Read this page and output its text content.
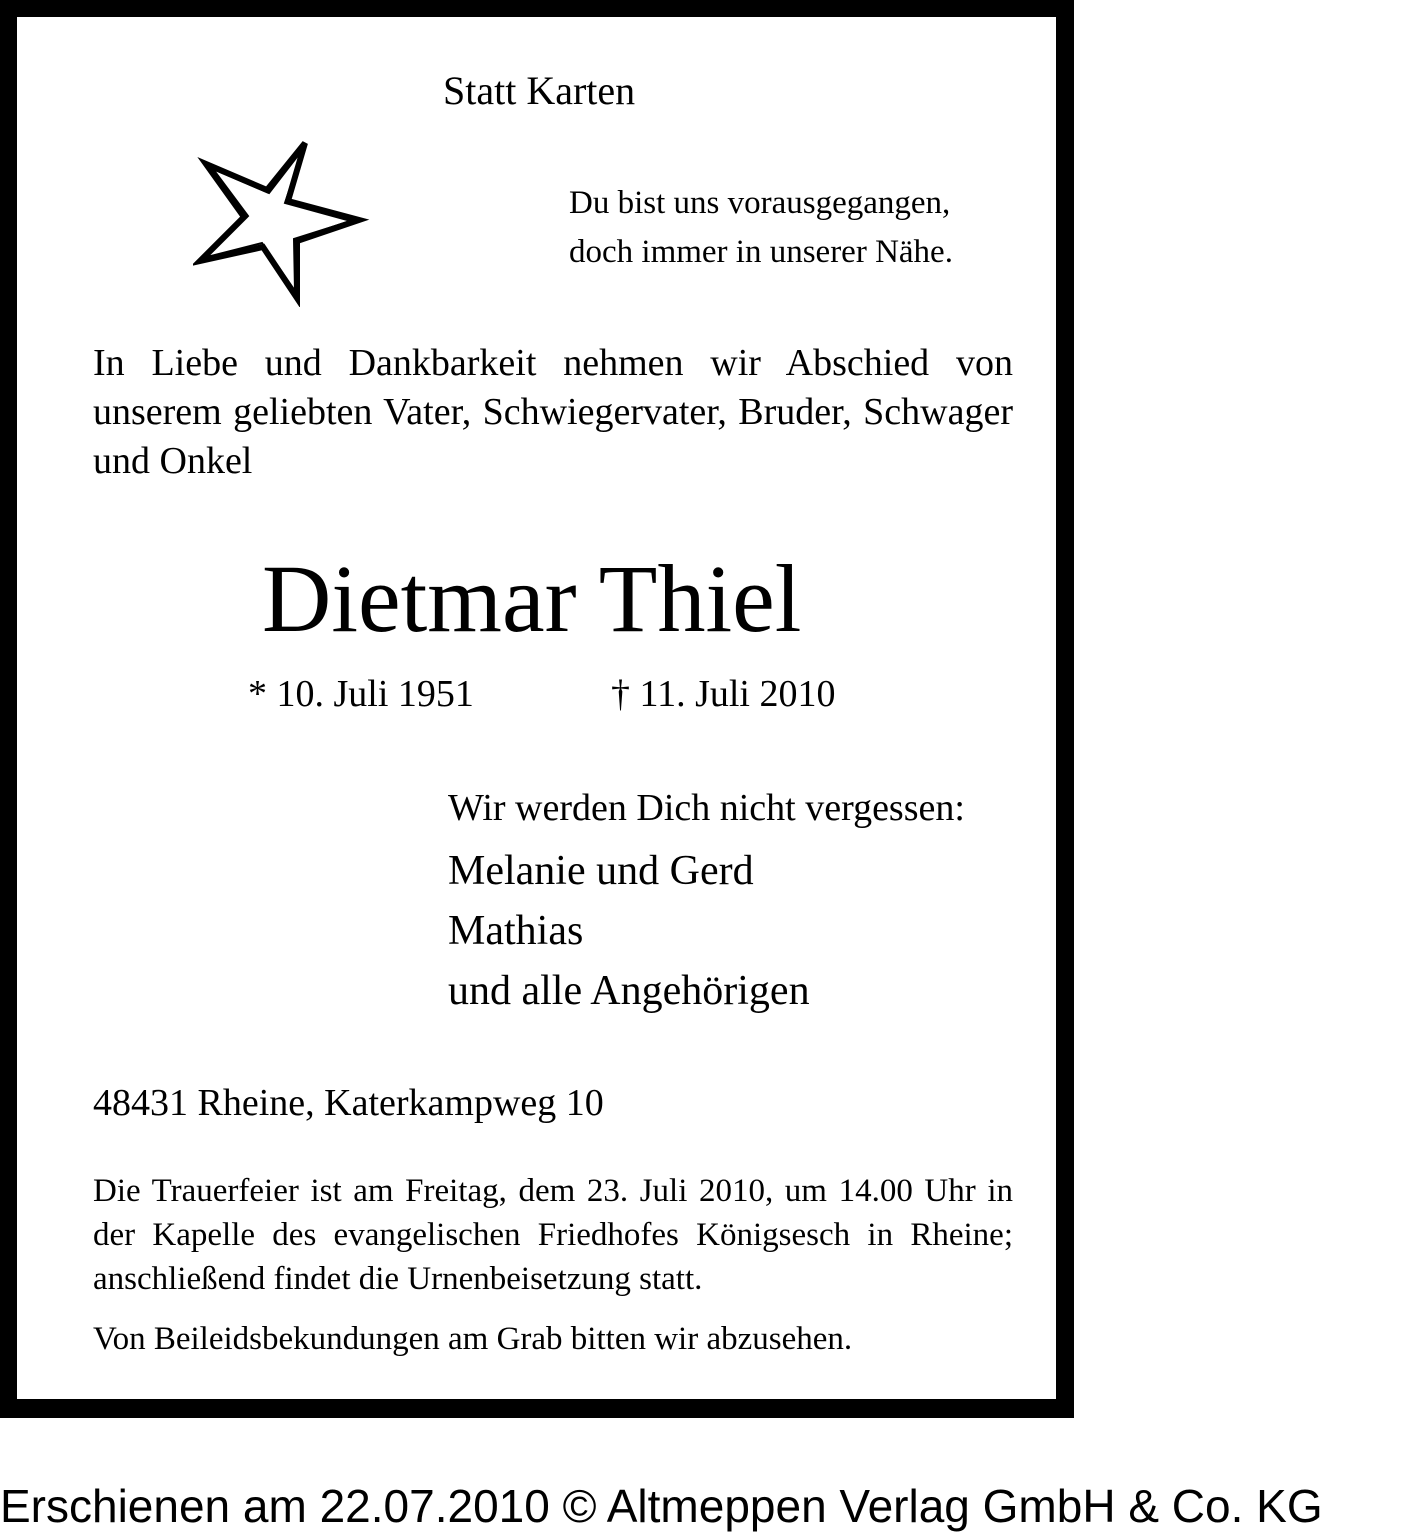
Statt Karten
Du bist uns vorausgegangen,
doch immer in unserer Nähe.
In Liebe und Dankbarkeit nehmen wir Abschied von unserem geliebten Vater, Schwiegervater, Bruder, Schwager und Onkel
Dietmar Thiel
* 10. Juli 1951	† 11. Juli 2010
Wir werden Dich nicht vergessen:
Melanie und Gerd
Mathias
und alle Angehörigen
48431 Rheine, Katerkampweg 10
Die Trauerfeier ist am Freitag, dem 23. Juli 2010, um 14.00 Uhr in der Kapelle des evangelischen Friedhofes Königsesch in Rheine; anschließend findet die Urnenbeisetzung statt.
Von Beileidsbekundungen am Grab bitten wir abzusehen.
Erschienen am 22.07.2010 © Altmeppen Verlag GmbH & Co. KG
